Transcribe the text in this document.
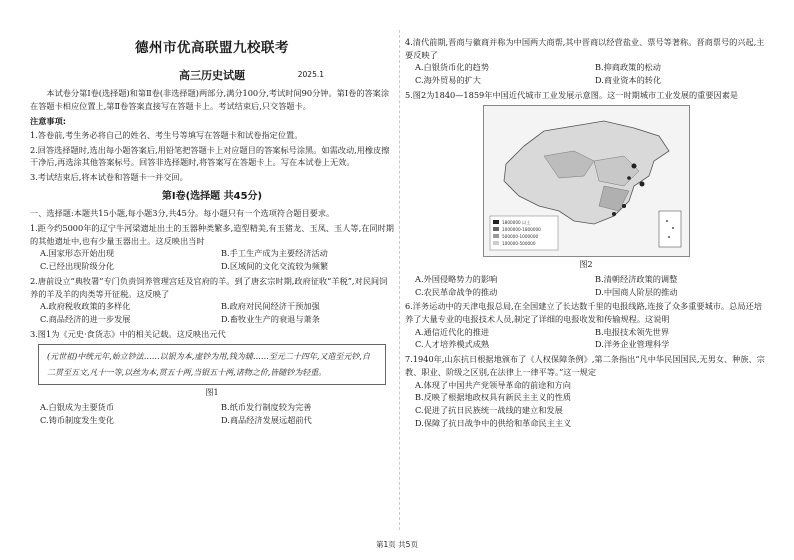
德州市优高联盟九校联考
高三历史试题	2025.1

本试卷分第Ⅰ卷(选择题)和第Ⅱ卷(非选择题)两部分,满分100分,考试时间90分钟。第Ⅰ卷的答案涂在答题卡相应位置上,第Ⅱ卷答案直接写在答题卡上。考试结束后,只交答题卡。

注意事项:

1.答卷前,考生务必将自己的姓名、考生号等填写在答题卡和试卷指定位置。

2.回答选择题时,选出每小题答案后,用铅笔把答题卡上对应题目的答案标号涂黑。如需改动,用橡皮擦干净后,再选涂其他答案标号。回答非选择题时,将答案写在答题卡上。写在本试卷上无效。

3.考试结束后,将本试卷和答题卡一并交回。

第Ⅰ卷(选择题 共45分)

一、选择题:本题共15小题,每小题3分,共45分。每小题只有一个选项符合题目要求。

1.距今约5000年的辽宁牛河梁遗址出土的玉器种类繁多,造型精美,有玉猪龙、玉凤、玉人等,在同时期的其他遗址中,也有少量玉器出土。这反映出当时

A.国家形态开始出现	B.手工生产成为主要经济活动
C.已经出现阶级分化	D.区域间的文化交流较为频繁

2.唐前设立“典牧署”专门负责饲养管理宫廷及官府的羊。到了唐玄宗时期,政府征收“羊税”,对民间饲养的羊及羊的肉类等开征税。这反映了

A.政府税收政策的多样化	B.政府对民间经济干预加强
C.商品经济的进一步发展	D.畜牧业生产的衰退与萧条

3.图1为《元史·食货志》中的相关记载。这反映出元代

(元世祖)中统元年,始立钞法……以银为本,虚钞为用,钱为辅……至元二十四年,又造至元钞,自二贯至五文,凡十一等,以丝为本,贯五十两,当银五十两,诸物之价,皆随钞为轻重。
图1
A.白银成为主要货币	B.纸币发行制度较为完善
C.铸币制度发生变化	D.商品经济发展远超前代

4.清代前期,晋商与徽商并称为中国两大商帮,其中晋商以经营盐业、票号等著称。晋商票号的兴起,主要反映了

A.白银货币化的趋势	B.抑商政策的松动
C.海外贸易的扩大	D.商业资本的转化

5.图2为1840—1859年中国近代城市工业发展示意图。这一时期城市工业发展的重要因素是

1800000 以上
1000000-1800000
500000-1000000
100000-500000
图2
A.外国侵略势力的影响	B.清朝经济政策的调整
C.农民革命战争的推动	D.中国商人阶层的推动

6.洋务运动中的天津电报总局,在全国建立了长达数千里的电报线路,连接了众多重要城市。总局还培养了大量专业的电报技术人员,制定了详细的电报收发和传输规程。这说明

A.通信近代化的推进	B.电报技术领先世界
C.人才培养模式成熟	D.洋务企业管理科学

7.1940年,山东抗日根据地颁布了《人权保障条例》,第二条指出“凡中华民国国民,无男女、种族、宗教、职业、阶级之区别,在法律上一律平等。”这一规定

A.体现了中国共产党领导革命的前途和方向
B.反映了根据地政权具有新民主主义的性质
C.促进了抗日民族统一战线的建立和发展
D.保障了抗日战争中的供给和革命民主主义
第1页 共5页
